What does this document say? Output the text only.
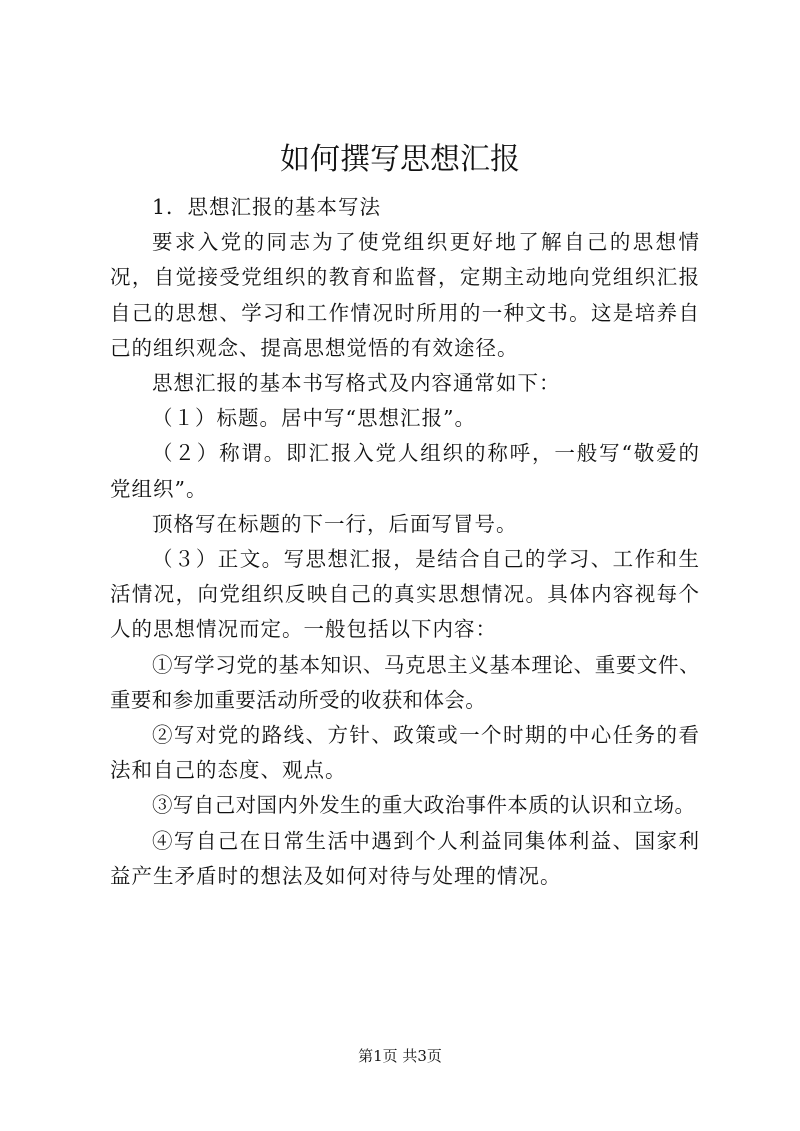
如何撰写思想汇报

1．思想汇报的基本写法

要求入党的同志为了使党组织更好地了解自己的思想情况，自觉接受党组织的教育和监督，定期主动地向党组织汇报自己的思想、学习和工作情况时所用的一种文书。这是培养自己的组织观念、提高思想觉悟的有效途径。

思想汇报的基本书写格式及内容通常如下：

（１）标题。居中写“思想汇报”。

（２）称谓。即汇报入党人组织的称呼，一般写“敬爱的党组织”。

顶格写在标题的下一行，后面写冒号。

（３）正文。写思想汇报，是结合自己的学习、工作和生活情况，向党组织反映自己的真实思想情况。具体内容视每个人的思想情况而定。一般包括以下内容：

①写学习党的基本知识、马克思主义基本理论、重要文件、重要和参加重要活动所受的收获和体会。

②写对党的路线、方针、政策或一个时期的中心任务的看法和自己的态度、观点。

③写自己对国内外发生的重大政治事件本质的认识和立场。

④写自己在日常生活中遇到个人利益同集体利益、国家利益产生矛盾时的想法及如何对待与处理的情况。

第1页 共3页
